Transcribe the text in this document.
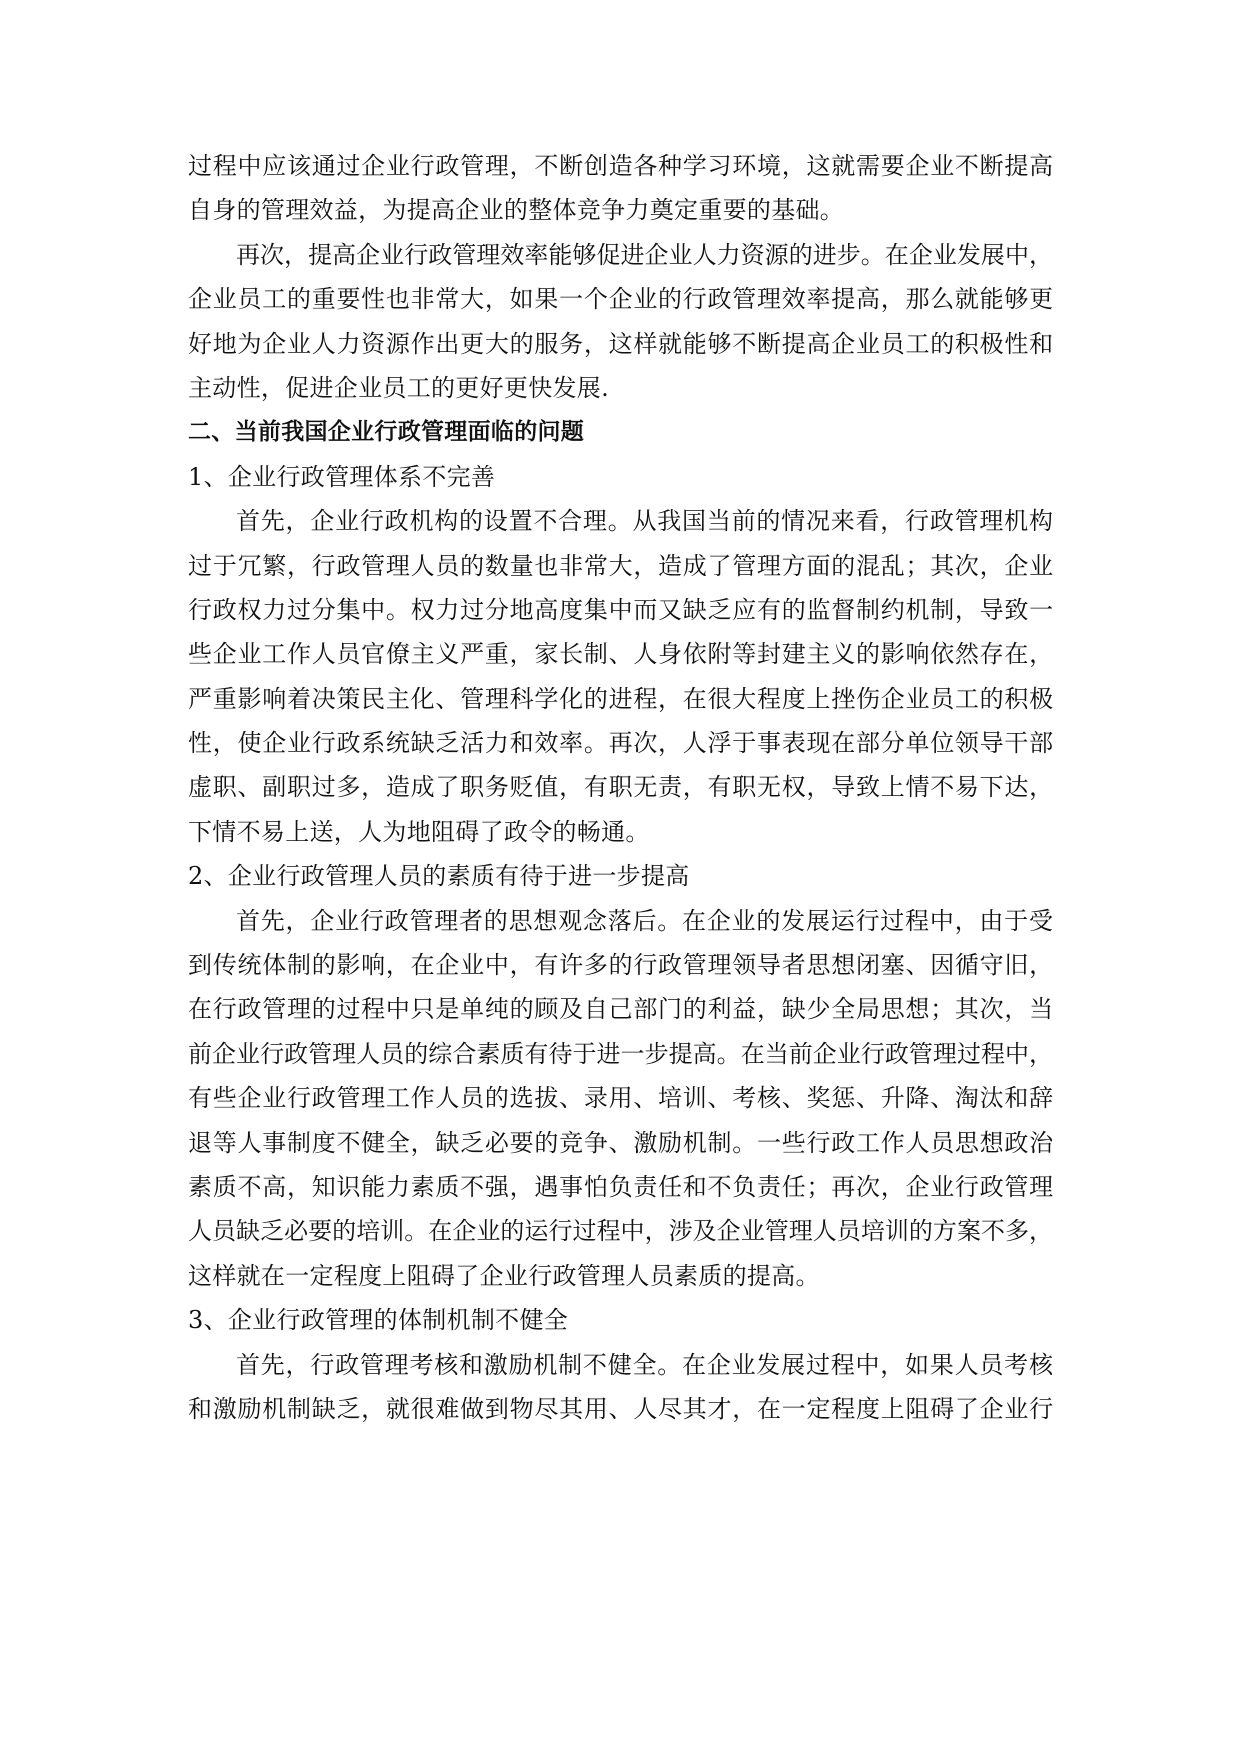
过程中应该通过企业行政管理，不断创造各种学习环境，这就需要企业不断提高
自身的管理效益，为提高企业的整体竞争力奠定重要的基础。
再次，提高企业行政管理效率能够促进企业人力资源的进步。在企业发展中，
企业员工的重要性也非常大，如果一个企业的行政管理效率提高，那么就能够更
好地为企业人力资源作出更大的服务，这样就能够不断提高企业员工的积极性和
主动性，促进企业员工的更好更快发展.
二、当前我国企业行政管理面临的问题
1、企业行政管理体系不完善
首先，企业行政机构的设置不合理。从我国当前的情况来看，行政管理机构
过于冗繁，行政管理人员的数量也非常大，造成了管理方面的混乱；其次，企业
行政权力过分集中。权力过分地高度集中而又缺乏应有的监督制约机制，导致一
些企业工作人员官僚主义严重，家长制、人身依附等封建主义的影响依然存在，
严重影响着决策民主化、管理科学化的进程，在很大程度上挫伤企业员工的积极
性，使企业行政系统缺乏活力和效率。再次，人浮于事表现在部分单位领导干部
虚职、副职过多，造成了职务贬值，有职无责，有职无权，导致上情不易下达，
下情不易上送，人为地阻碍了政令的畅通。
2、企业行政管理人员的素质有待于进一步提高
首先，企业行政管理者的思想观念落后。在企业的发展运行过程中，由于受
到传统体制的影响，在企业中，有许多的行政管理领导者思想闭塞、因循守旧，
在行政管理的过程中只是单纯的顾及自己部门的利益，缺少全局思想；其次，当
前企业行政管理人员的综合素质有待于进一步提高。在当前企业行政管理过程中，
有些企业行政管理工作人员的选拔、录用、培训、考核、奖惩、升降、淘汰和辞
退等人事制度不健全，缺乏必要的竞争、激励机制。一些行政工作人员思想政治
素质不高，知识能力素质不强，遇事怕负责任和不负责任；再次，企业行政管理
人员缺乏必要的培训。在企业的运行过程中，涉及企业管理人员培训的方案不多，
这样就在一定程度上阻碍了企业行政管理人员素质的提高。
3、企业行政管理的体制机制不健全
首先，行政管理考核和激励机制不健全。在企业发展过程中，如果人员考核
和激励机制缺乏，就很难做到物尽其用、人尽其才，在一定程度上阻碍了企业行
